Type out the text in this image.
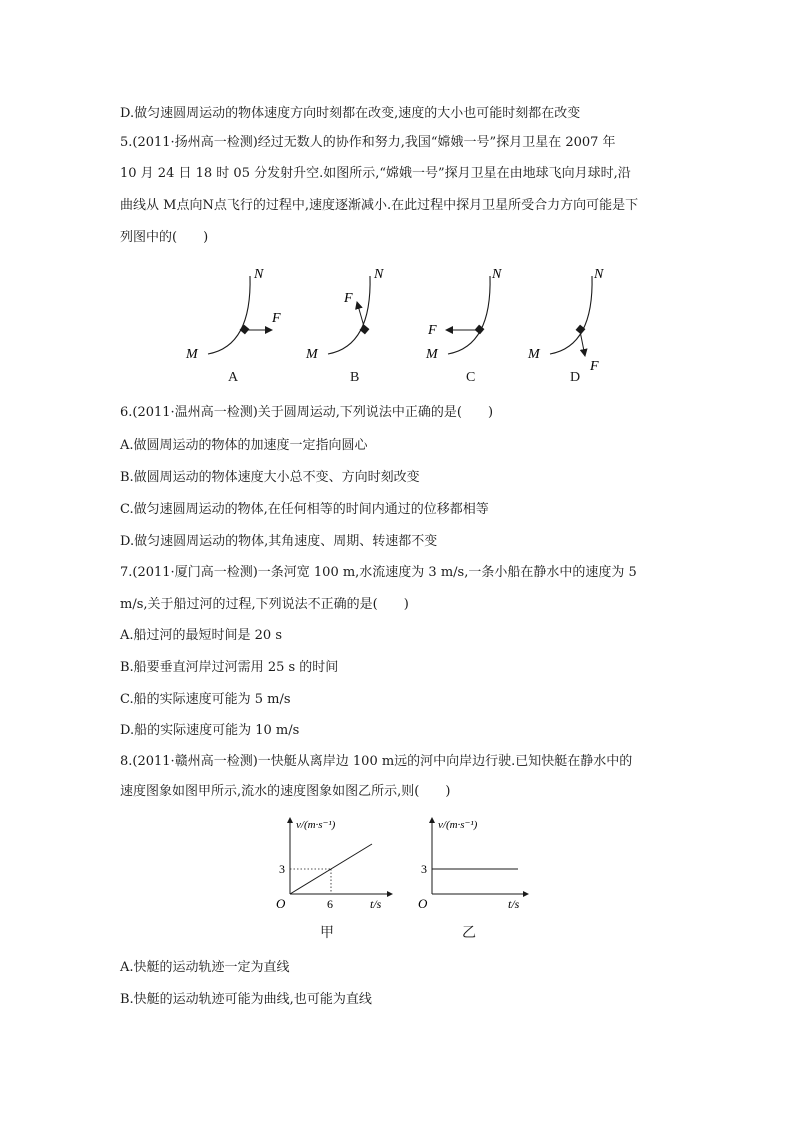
D.做匀速圆周运动的物体速度方向时刻都在改变,速度的大小也可能时刻都在改变
5.(2011·扬州高一检测)经过无数人的协作和努力,我国“嫦娥一号”探月卫星在 2007 年
10 月 24 日 18 时 05 分发射升空.如图所示,“嫦娥一号”探月卫星在由地球飞向月球时,沿
曲线从 M点向N点飞行的过程中,速度逐渐减小.在此过程中探月卫星所受合力方向可能是下
列图中的( )
M
N
F
A
M
N
F
B
M
N
F
C
M
N
F
D
6.(2011·温州高一检测)关于圆周运动,下列说法中正确的是( )
A.做圆周运动的物体的加速度一定指向圆心
B.做圆周运动的物体速度大小总不变、方向时刻改变
C.做匀速圆周运动的物体,在任何相等的时间内通过的位移都相等
D.做匀速圆周运动的物体,其角速度、周期、转速都不变
7.(2011·厦门高一检测)一条河宽 100 m,水流速度为 3 m/s,一条小船在静水中的速度为 5
m/s,关于船过河的过程,下列说法不正确的是( )
A.船过河的最短时间是 20 s
B.船要垂直河岸过河需用 25 s 的时间
C.船的实际速度可能为 5 m/s
D.船的实际速度可能为 10 m/s
8.(2011·赣州高一检测)一快艇从离岸边 100 m远的河中向岸边行驶.已知快艇在静水中的
速度图象如图甲所示,流水的速度图象如图乙所示,则( )
v/(m·s⁻¹)
t/s
O
3
6
甲
v/(m·s⁻¹)
t/s
O
3
乙
A.快艇的运动轨迹一定为直线
B.快艇的运动轨迹可能为曲线,也可能为直线
